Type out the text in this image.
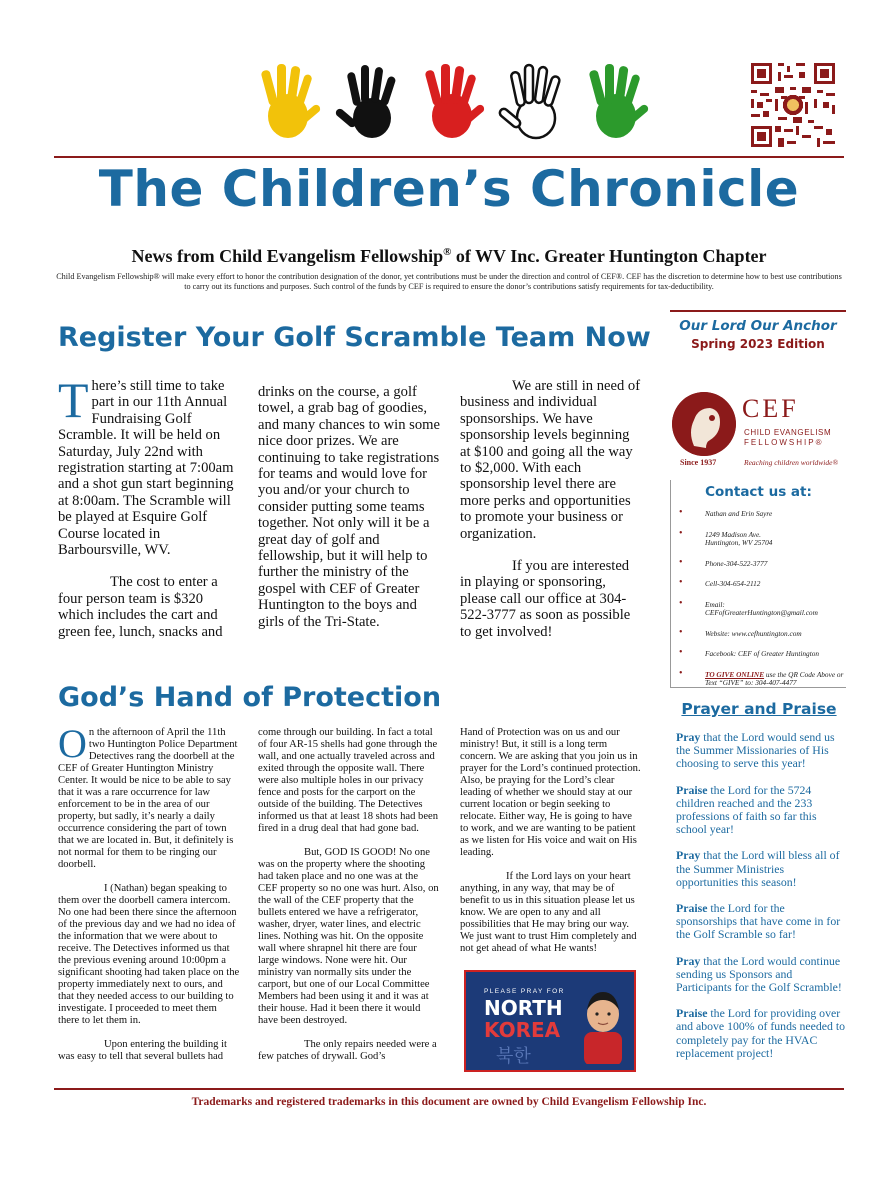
The Children’s Chronicle
News from Child Evangelism Fellowship® of WV Inc. Greater Huntington Chapter
Child Evangelism Fellowship® will make every effort to honor the contribution designation of the donor, yet contributions must be under the direction and control of CEF®. CEF has the discretion to determine how to best use contributions to carry out its functions and purposes. Such control of the funds by CEF is required to ensure the donor’s contributions satisfy requirements for tax-deductibility.
Register Your Golf Scramble Team Now

There’s still time to take part in our 11th Annual Fundraising Golf Scramble. It will be held on Saturday, July 22nd with registration starting at 7:00am and a shot gun start beginning at 8:00am. The Scramble will be played at Esquire Golf Course located in Barboursville, WV.

The cost to enter a four person team is $320 which includes the cart and green fee, lunch, snacks and

drinks on the course, a golf towel, a grab bag of goodies, and many chances to win some nice door prizes. We are continuing to take registrations for teams and would love for you and/or your church to consider putting some teams together. Not only will it be a great day of golf and fellowship, but it will help to further the ministry of the gospel with CEF of Greater Huntington to the boys and girls of the Tri-State.

We are still in need of business and individual sponsorships. We have sponsorship levels beginning at $100 and going all the way to $2,000. With each sponsorship level there are more perks and opportunities to promote your business or organization.

If you are interested in playing or sponsoring, please call our office at 304-522-3777 as soon as possible to get involved!

God’s Hand of Protection

On the afternoon of April the 11th two Huntington Police Department Detectives rang the doorbell at the CEF of Greater Huntington Ministry Center. It would be nice to be able to say that it was a rare occurrence for law enforcement to be in the area of our property, but sadly, it’s nearly a daily occurrence considering the part of town that we are located in. But, it definitely is not normal for them to be ringing our doorbell.

I (Nathan) began speaking to them over the doorbell camera intercom. No one had been there since the afternoon of the previous day and we had no idea of the information that we were about to receive. The Detectives informed us that the previous evening around 10:00pm a significant shooting had taken place on the property immediately next to ours, and that they needed access to our building to investigate. I proceeded to meet them there to let them in.

Upon entering the building it was easy to tell that several bullets had

come through our building. In fact a total of four AR-15 shells had gone through the wall, and one actually traveled across and exited through the opposite wall. There were also multiple holes in our privacy fence and posts for the carport on the outside of the building. The Detectives informed us that at least 18 shots had been fired in a drug deal that had gone bad.

But, GOD IS GOOD! No one was on the property where the shooting had taken place and no one was at the CEF property so no one was hurt. Also, on the wall of the CEF property that the bullets entered we have a refrigerator, washer, dryer, water lines, and electric lines. Nothing was hit. On the opposite wall where shrapnel hit there are four large windows. None were hit. Our ministry van normally sits under the carport, but one of our Local Committee Members had been using it and it was at their house. Had it been there it would have been destroyed.

The only repairs needed were a few patches of drywall. God’s

Hand of Protection was on us and our ministry! But, it still is a long term concern. We are asking that you join us in prayer for the Lord’s continued protection. Also, be praying for the Lord’s clear leading of whether we should stay at our current location or begin seeking to relocate. Either way, He is going to have to work, and we are wanting to be patient as we listen for His voice and wait on His leading.

If the Lord lays on your heart anything, in any way, that may be of benefit to us in this situation please let us know. We are open to any and all possibilities that He may bring our way. We just want to trust Him completely and not get ahead of what He wants!

PLEASE PRAY FOR
NORTH
KOREA
북한
Our Lord Our Anchor
Spring 2023 Edition
CEF
CHILD EVANGELISM
FELLOWSHIP®
Since 1937	Reaching children worldwide®
Contact us at:
• Nathan and Erin Sayre
• 1249 Madison Ave.
Huntington, WV 25704
• Phone-304-522-3777
• Cell-304-654-2112
• Email:
CEFofGreaterHuntington@gmail.com
• Website: www.cefhuntington.com
• Facebook: CEF of Greater Huntington
• TO GIVE ONLINE use the QR Code Above or Text “GIVE” to: 304-407-4477
Prayer and Praise

Pray that the Lord would send us the Summer Missionaries of His choosing to serve this year!

Praise the Lord for the 5724 children reached and the 233 professions of faith so far this school year!

Pray that the Lord will bless all of the Summer Ministries opportunities this season!

Praise the Lord for the sponsorships that have come in for the Golf Scramble so far!

Pray that the Lord would continue sending us Sponsors and Participants for the Golf Scramble!

Praise the Lord for providing over and above 100% of funds needed to completely pay for the HVAC replacement project!

Trademarks and registered trademarks in this document are owned by Child Evangelism Fellowship Inc.
